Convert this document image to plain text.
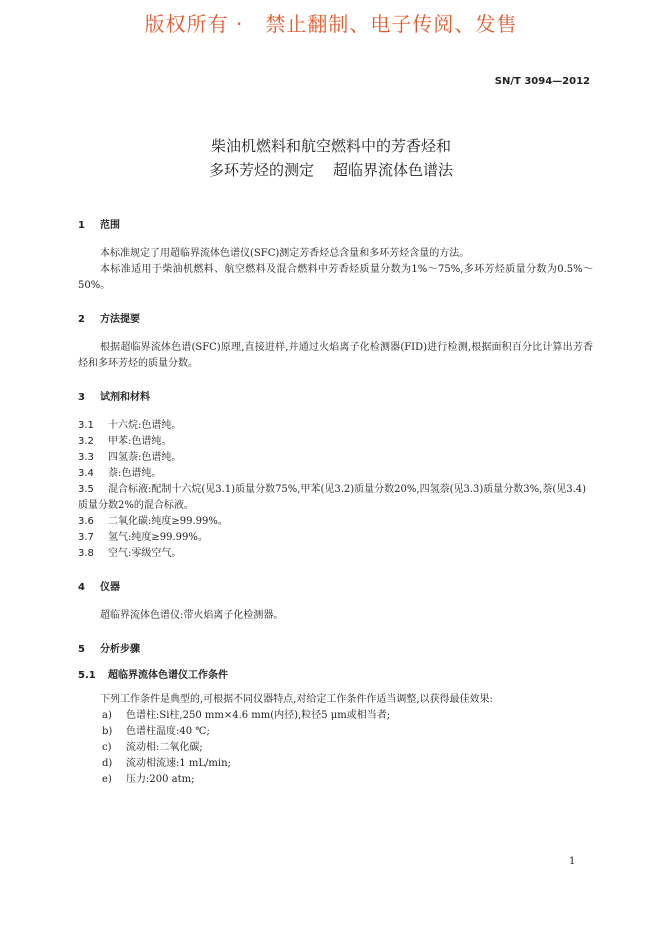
版权所有 ·   禁止翻制、电子传阅、发售
SN/T 3094—2012
柴油机燃料和航空燃料中的芳香烃和
多环芳烃的测定    超临界流体色谱法
1 范围
本标准规定了用超临界流体色谱仪(SFC)测定芳香烃总含量和多环芳烃含量的方法。
本标准适用于柴油机燃料、航空燃料及混合燃料中芳香烃质量分数为1%～75%,多环芳烃质量分数为0.5%～50%。
2 方法提要
根据超临界流体色谱(SFC)原理,直接进样,并通过火焰离子化检测器(FID)进行检测,根据面积百分比计算出芳香烃和多环芳烃的质量分数。
3 试剂和材料
3.1 十六烷:色谱纯。
3.2 甲苯:色谱纯。
3.3 四氢萘:色谱纯。
3.4 萘:色谱纯。
3.5 混合标液:配制十六烷(见3.1)质量分数75%,甲苯(见3.2)质量分数20%,四氢萘(见3.3)质量分数3%,萘(见3.4)质量分数2%的混合标液。
3.6 二氧化碳:纯度≥99.99%。
3.7 氢气:纯度≥99.99%。
3.8 空气:零级空气。
4 仪器
超临界流体色谱仪:带火焰离子化检测器。
5 分析步骤
5.1 超临界流体色谱仪工作条件
下列工作条件是典型的,可根据不同仪器特点,对给定工作条件作适当调整,以获得最佳效果:
a) 色谱柱:Si柱,250 mm×4.6 mm(内径),粒径5 μm或相当者;
b) 色谱柱温度:40 ℃;
c) 流动相:二氧化碳;
d) 流动相流速:1 mL/min;
e) 压力:200 atm;
1
